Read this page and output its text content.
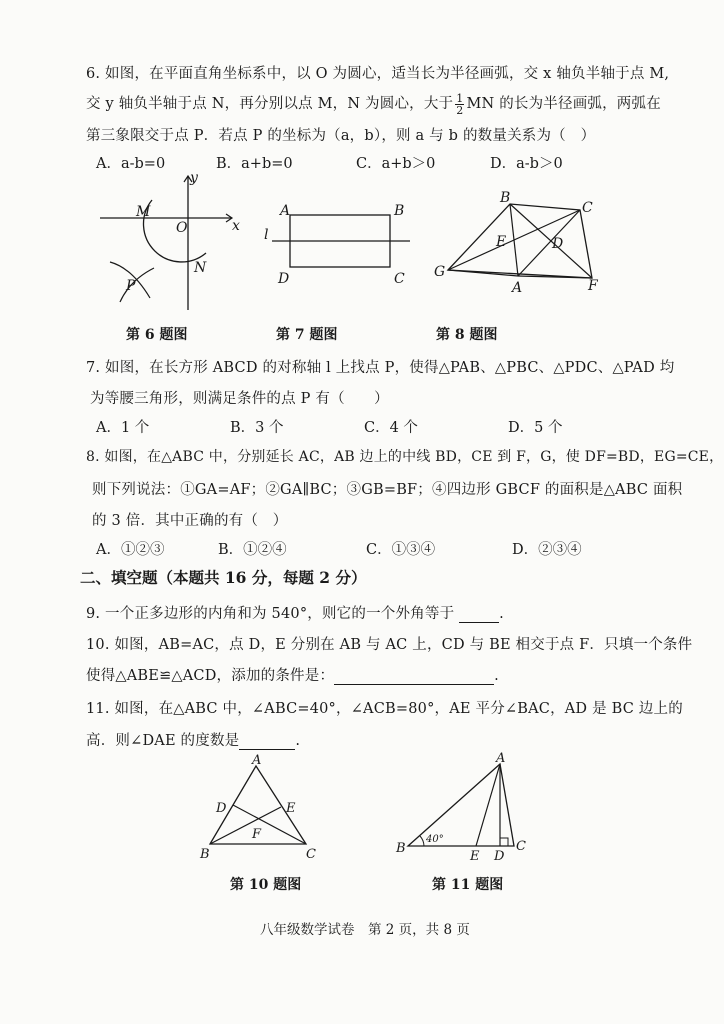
6. 如图，在平面直角坐标系中，以 O 为圆心，适当长为半径画弧，交 x 轴负半轴于点 M,
交 y 轴负半轴于点 N，再分别以点 M，N 为圆心，大于 $\frac{1}{2}$ MN 的长为半径画弧，两弧在
第三象限交于点 P．若点 P 的坐标为（a，b），则 a 与 b 的数量关系为（　）
A．a-b=0	B．a+b=0	C．a+b＞0	D．a-b＞0
y
x
O
M
N
P
A	B
D	C
l
B
C
E	D
G
A	F
第 6 题图	第 7 题图	第 8 题图
7. 如图，在长方形 ABCD 的对称轴 l 上找点 P，使得△PAB、△PBC、△PDC、△PAD 均
为等腰三角形，则满足条件的点 P 有（　　）
A．1 个	B．3 个	C．4 个	D．5 个
8. 如图，在△ABC 中，分别延长 AC，AB 边上的中线 BD，CE 到 F，G，使 DF=BD，EG=CE，
则下列说法：①GA=AF；②GA∥BC；③GB=BF；④四边形 GBCF 的面积是△ABC 面积
的 3 倍．其中正确的有（　）
A．①②③	B．①②④	C．①③④	D．②③④
二、填空题（本题共 16 分，每题 2 分）
9. 一个正多边形的内角和为 540°，则它的一个外角等于	.
10. 如图，AB=AC，点 D，E 分别在 AB 与 AC 上，CD 与 BE 相交于点 F．只填一个条件
使得△ABE≌△ACD，添加的条件是：	.
11. 如图，在△ABC 中，∠ABC=40°，∠ACB=80°，AE 平分∠BAC，AD 是 BC 边上的
高．则∠DAE 的度数是	.
A
D	E
F
B	C
40°
A
B
E D
C
第 10 题图	第 11 题图
八年级数学试卷　第 2 页，共 8 页
